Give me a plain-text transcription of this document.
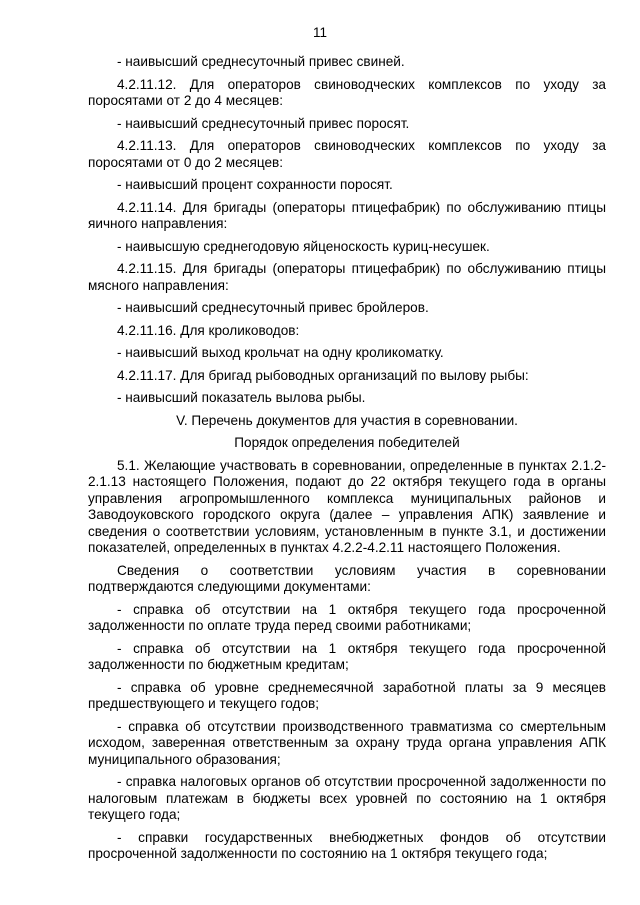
11

- наивысший среднесуточный привес свиней.

4.2.11.12. Для операторов свиноводческих комплексов по уходу за поросятами от 2 до 4 месяцев:

- наивысший среднесуточный привес поросят.

4.2.11.13. Для операторов свиноводческих комплексов по уходу за поросятами от 0 до 2 месяцев:

- наивысший процент сохранности поросят.

4.2.11.14. Для бригады (операторы птицефабрик) по обслуживанию птицы яичного направления:

- наивысшую среднегодовую яйценоскость куриц-несушек.

4.2.11.15. Для бригады (операторы птицефабрик) по обслуживанию птицы мясного направления:

- наивысший среднесуточный привес бройлеров.

4.2.11.16. Для кролиководов:

- наивысший выход крольчат на одну кроликоматку.

4.2.11.17. Для бригад рыбоводных организаций по вылову рыбы:

- наивысший показатель вылова рыбы.

V. Перечень документов для участия в соревновании.

Порядок определения победителей

5.1. Желающие участвовать в соревновании, определенные в пунктах 2.1.2-2.1.13 настоящего Положения, подают до 22 октября текущего года в органы управления агропромышленного комплекса муниципальных районов и Заводоуковского городского округа (далее – управления АПК) заявление и сведения о соответствии условиям, установленным в пункте 3.1, и достижении показателей, определенных в пунктах 4.2.2-4.2.11 настоящего Положения.

Сведения о соответствии условиям участия в соревновании подтверждаются следующими документами:

- справка об отсутствии на 1 октября текущего года просроченной задолженности по оплате труда перед своими работниками;

- справка об отсутствии на 1 октября текущего года просроченной задолженности по бюджетным кредитам;

- справка об уровне среднемесячной заработной платы за 9 месяцев предшествующего и текущего годов;

- справка об отсутствии производственного травматизма со смертельным исходом, заверенная ответственным за охрану труда органа управления АПК муниципального образования;

- справка налоговых органов об отсутствии просроченной задолженности по налоговым платежам в бюджеты всех уровней по состоянию на 1 октября текущего года;

- справки государственных внебюджетных фондов об отсутствии просроченной задолженности по состоянию на 1 октября текущего года;
